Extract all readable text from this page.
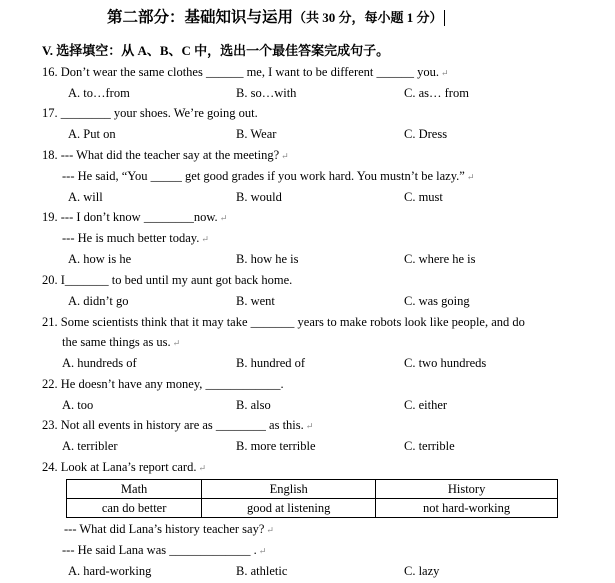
第二部分：基础知识与运用（共 30 分，每小题 1 分）
V. 选择填空：从 A、B、C 中，选出一个最佳答案完成句子。
16. Don’t wear the same clothes ______ me, I want to be different ______ you. ↵
A. to…from	B. so…with	C. as… from
17. ________ your shoes. We’re going out.
A. Put on	B. Wear	C. Dress
18. --- What did the teacher say at the meeting? ↵
--- He said, “You _____ get good grades if you work hard. You mustn’t be lazy.” ↵
A. will	B. would	C. must
19. --- I don’t know ________now. ↵
--- He is much better today. ↵
A. how is he	B. how he is	C. where he is
20. I_______ to bed until my aunt got back home.
A. didn’t go	B. went	C. was going
21. Some scientists think that it may take _______ years to make robots look like people, and do
the same things as us. ↵
A. hundreds of	B. hundred of	C. two hundreds
22. He doesn’t have any money, ____________.
A. too	B. also	C. either
23. Not all events in history are as ________ as this. ↵
A. terribler	B. more terrible	C. terrible
24. Look at Lana’s report card. ↵
Math	English	History
can do better	good at listening	not hard-working
--- What did Lana’s history teacher say? ↵
--- He said Lana was _____________ . ↵
A. hard-working	B. athletic	C. lazy
